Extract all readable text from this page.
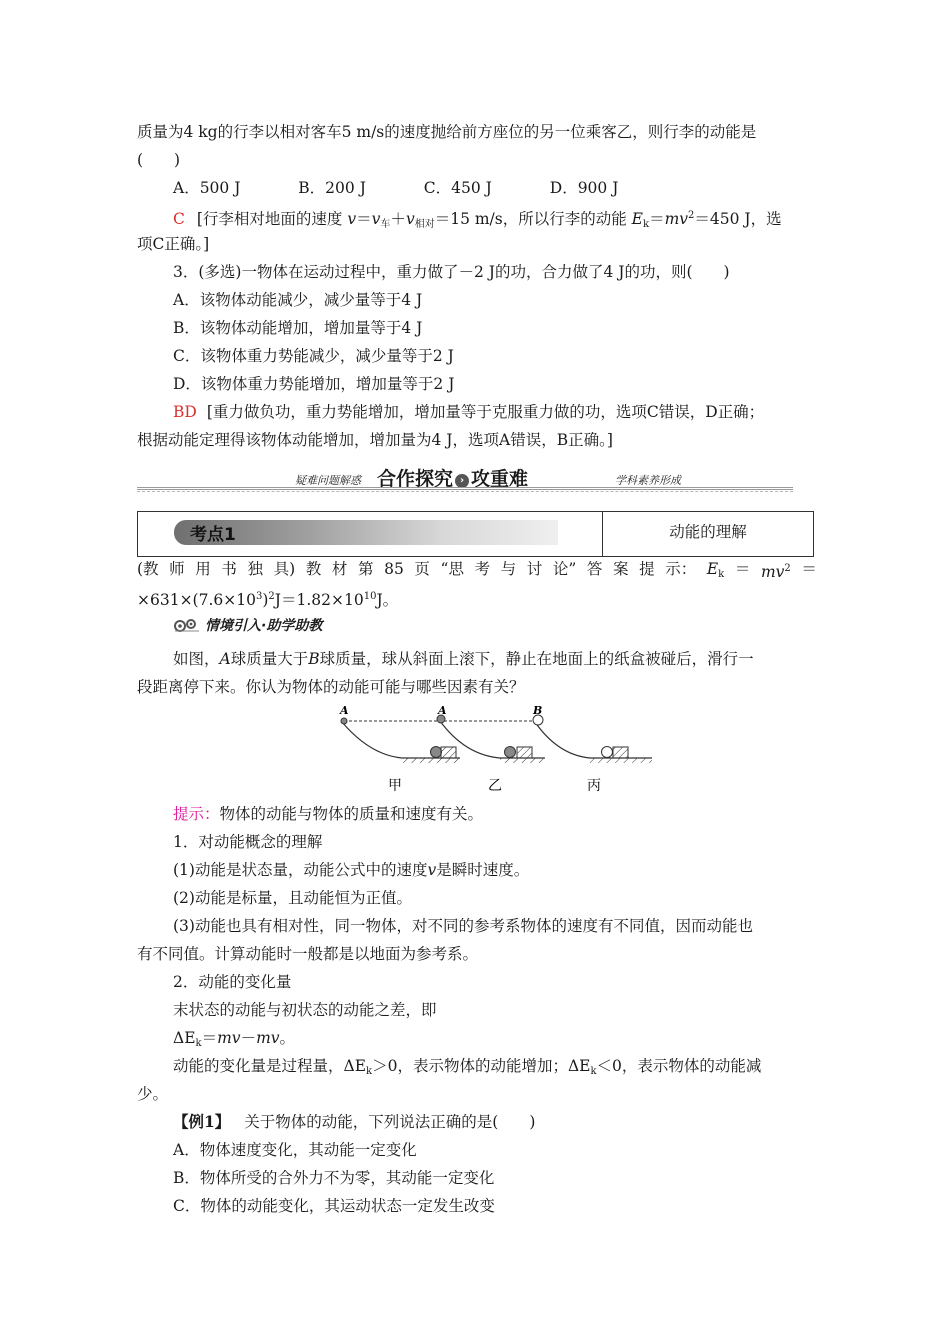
质量为4 kg的行李以相对客车5 m/s的速度抛给前方座位的另一位乘客乙，则行李的动能是
(　　)
A．500 J	B．200 J	C．450 J	D．900 J
C [行李相对地面的速度 $v=v_车+v_{相对}=15$ m/s，所以行李的动能 $E_k=mv^2=450$ J，选
项C正确。]
3．(多选)一物体在运动过程中，重力做了－2 J的功，合力做了4 J的功，则(　　)
A．该物体动能减少，减少量等于4 J
B．该物体动能增加，增加量等于4 J
C．该物体重力势能减少，减少量等于2 J
D．该物体重力势能增加，增加量等于2 J
BD [重力做负功，重力势能增加，增加量等于克服重力做的功，选项C错误，D正确；
根据动能定理得该物体动能增加，增加量为4 J，选项A错误，B正确。]
疑难问题解惑 合作探究 › 攻重难	学科素养形成
考点1	动能的理解
(教 师 用 书 独 具) 教 材 第 85 页 “思 考 与 讨 论” 答 案 提 示： $E_k = mv^2$ ＝
$\times 631\times(7.6\times 10^3)^2J=1.82\times 10^{10}J$。
情境引入·助学助教
如图，A球质量大于B球质量，球从斜面上滚下，静止在地面上的纸盒被碰后，滑行一
段距离停下来。你认为物体的动能可能与哪些因素有关？
A	A	B
甲	乙	丙
提示：物体的动能与物体的质量和速度有关。
1．对动能概念的理解
(1)动能是状态量，动能公式中的速度v是瞬时速度。
(2)动能是标量，且动能恒为正值。
(3)动能也具有相对性，同一物体，对不同的参考系物体的速度有不同值，因而动能也
有不同值。计算动能时一般都是以地面为参考系。
2．动能的变化量
末状态的动能与初状态的动能之差，即
$\Delta E_k=mv-mv$。
动能的变化量是过程量，$\Delta E_k>0$，表示物体的动能增加；$\Delta E_k<0$，表示物体的动能减
少。
【例1】 关于物体的动能，下列说法正确的是(　　)
A．物体速度变化，其动能一定变化
B．物体所受的合外力不为零，其动能一定变化
C．物体的动能变化，其运动状态一定发生改变
